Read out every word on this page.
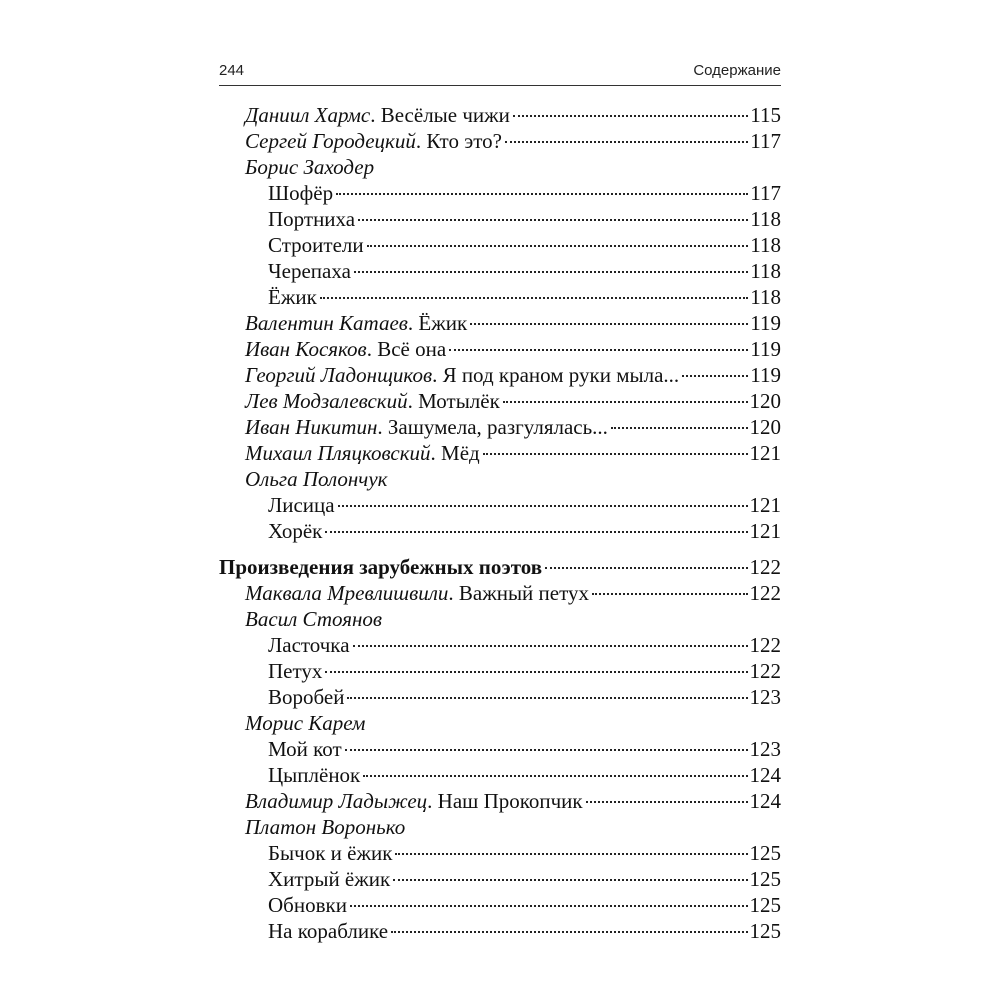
244	Содержание
Даниил Хармс . Весёлые чижи	115
Сергей Городецкий . Кто это?	117
Борис Заходер
Шофёр	117
Портниха	118
Строители	118
Черепаха	118
Ёжик	118
Валентин Катаев . Ёжик	119
Иван Косяков . Всё она	119
Георгий Ладонщиков . Я под краном руки мыла...	119
Лев Модзалевский . Мотылёк	120
Иван Никитин . Зашумела, разгулялась...	120
Михаил Пляцковский . Мёд	121
Ольга Полончук
Лисица	121
Хорёк	121
Произведения зарубежных поэтов	122
Маквала Мревлишвили . Важный петух	122
Васил Стоянов
Ласточка	122
Петух	122
Воробей	123
Морис Карем
Мой кот	123
Цыплёнок	124
Владимир Ладыжец . Наш Прокопчик	124
Платон Воронько
Бычок и ёжик	125
Хитрый ёжик	125
Обновки	125
На кораблике	125
